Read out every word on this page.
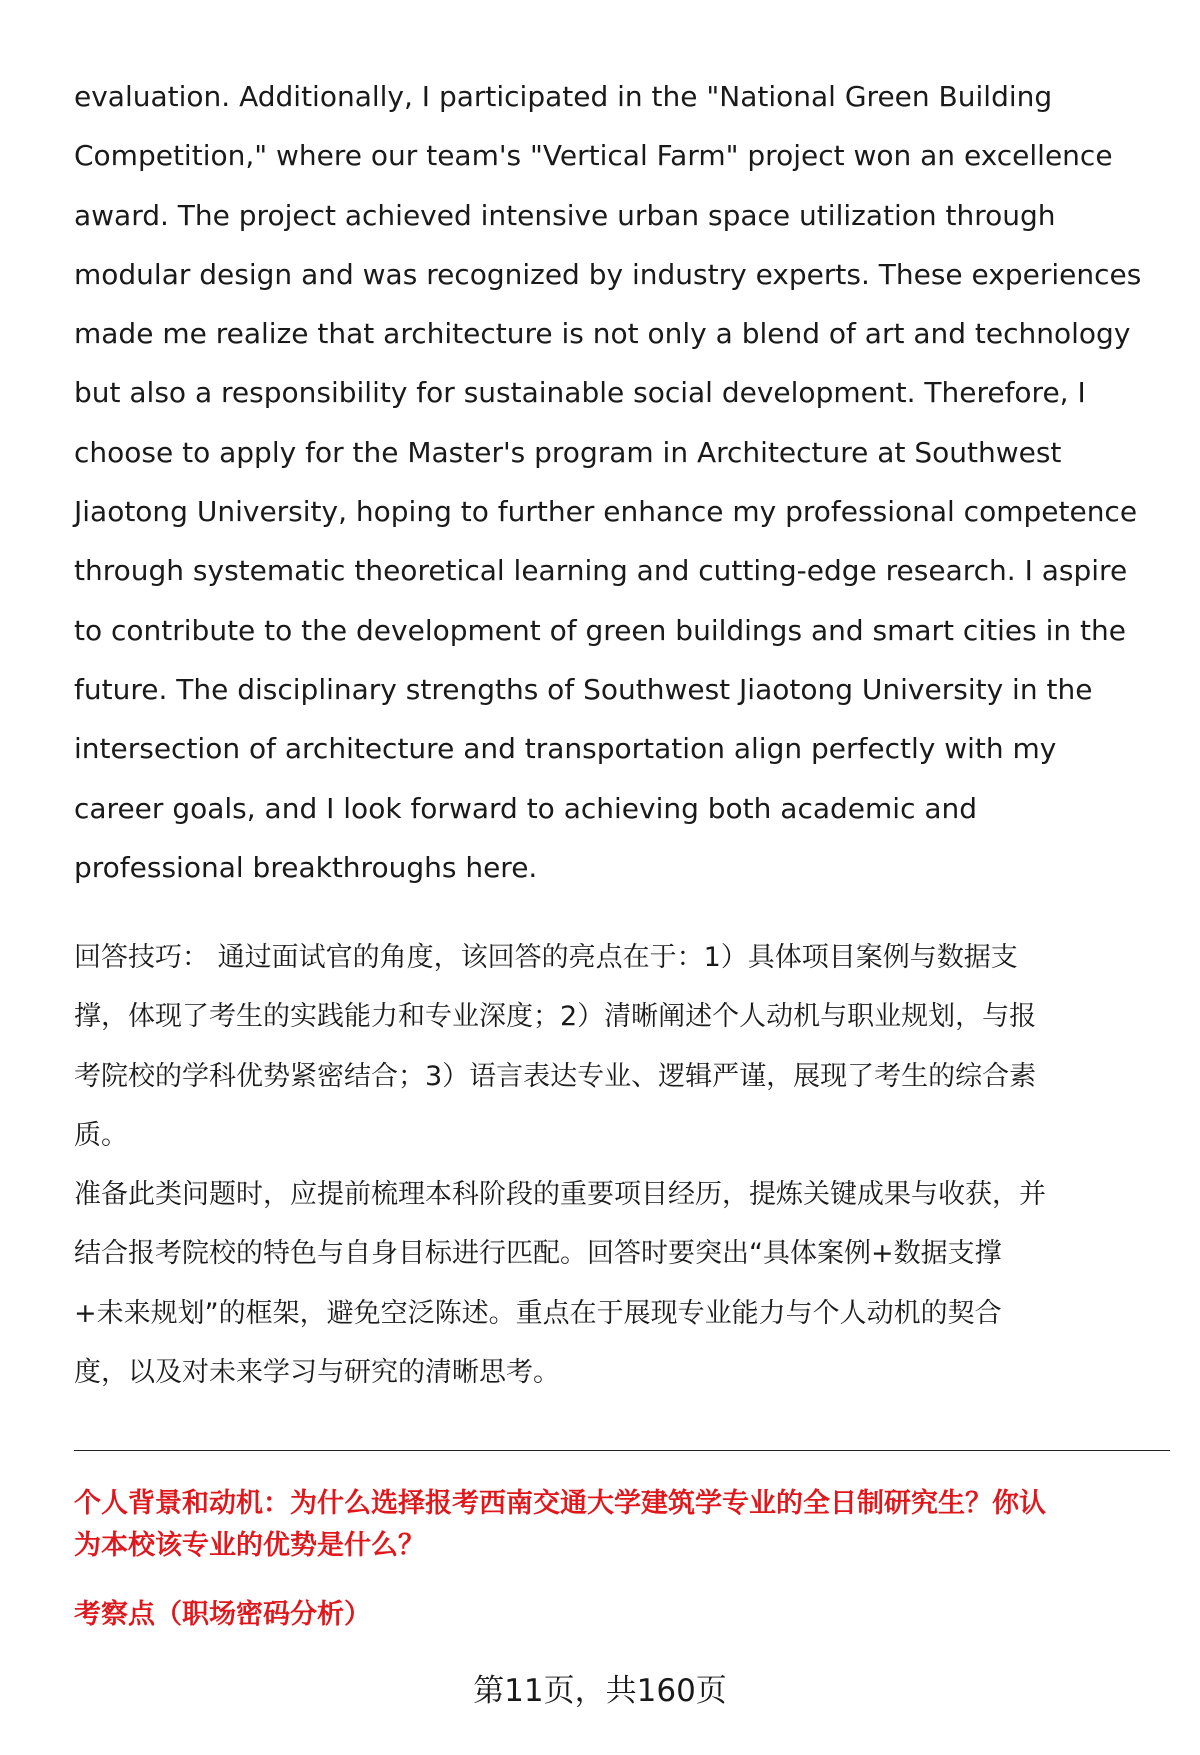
evaluation. Additionally, I participated in the "National Green Building
Competition," where our team's "Vertical Farm" project won an excellence
award. The project achieved intensive urban space utilization through
modular design and was recognized by industry experts. These experiences
made me realize that architecture is not only a blend of art and technology
but also a responsibility for sustainable social development. Therefore, I
choose to apply for the Master's program in Architecture at Southwest
Jiaotong University, hoping to further enhance my professional competence
through systematic theoretical learning and cutting-edge research. I aspire
to contribute to the development of green buildings and smart cities in the
future. The disciplinary strengths of Southwest Jiaotong University in the
intersection of architecture and transportation align perfectly with my
career goals, and I look forward to achieving both academic and
professional breakthroughs here.
回答技巧： 通过面试官的角度，该回答的亮点在于：1）具体项目案例与数据支
撑，体现了考生的实践能力和专业深度；2）清晰阐述个人动机与职业规划，与报
考院校的学科优势紧密结合；3）语言表达专业、逻辑严谨，展现了考生的综合素
质。
准备此类问题时，应提前梳理本科阶段的重要项目经历，提炼关键成果与收获，并
结合报考院校的特色与自身目标进行匹配。回答时要突出“具体案例+数据支撑
+未来规划”的框架，避免空泛陈述。重点在于展现专业能力与个人动机的契合
度，以及对未来学习与研究的清晰思考。
个人背景和动机：为什么选择报考西南交通大学建筑学专业的全日制研究生？你认
为本校该专业的优势是什么？
考察点（职场密码分析）
第11页，共160页
